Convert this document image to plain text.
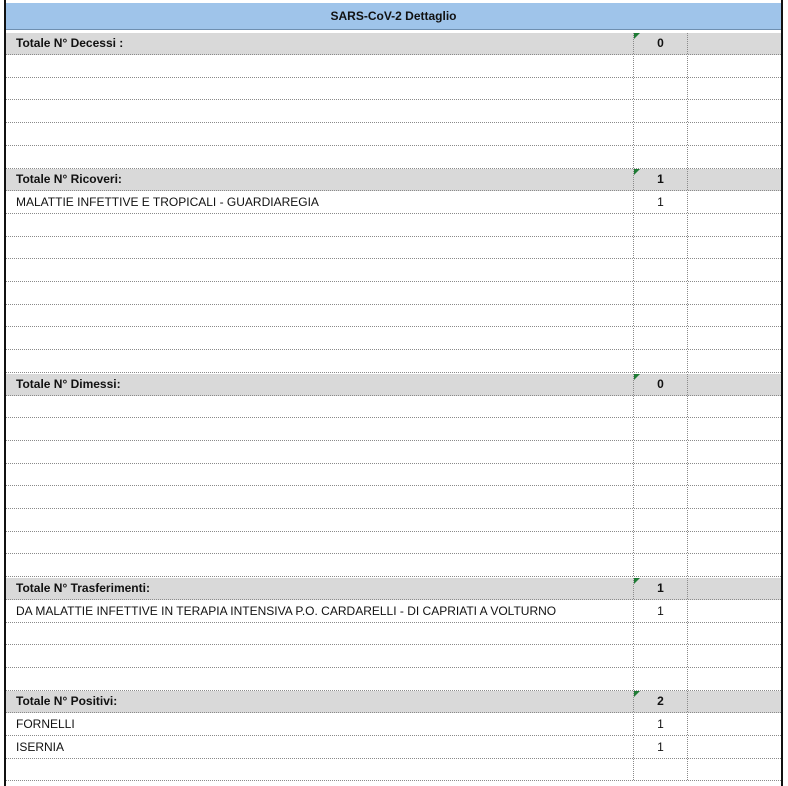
SARS-CoV-2 Dettaglio
Totale N° Decessi :	0
Totale N° Ricoveri:	1
MALATTIE INFETTIVE E TROPICALI - GUARDIAREGIA	1
Totale N° Dimessi:	0
Totale N° Trasferimenti:	1
DA MALATTIE INFETTIVE IN TERAPIA INTENSIVA P.O. CARDARELLI - DI CAPRIATI A VOLTURNO	1
Totale N° Positivi:	2
FORNELLI	1
ISERNIA	1
